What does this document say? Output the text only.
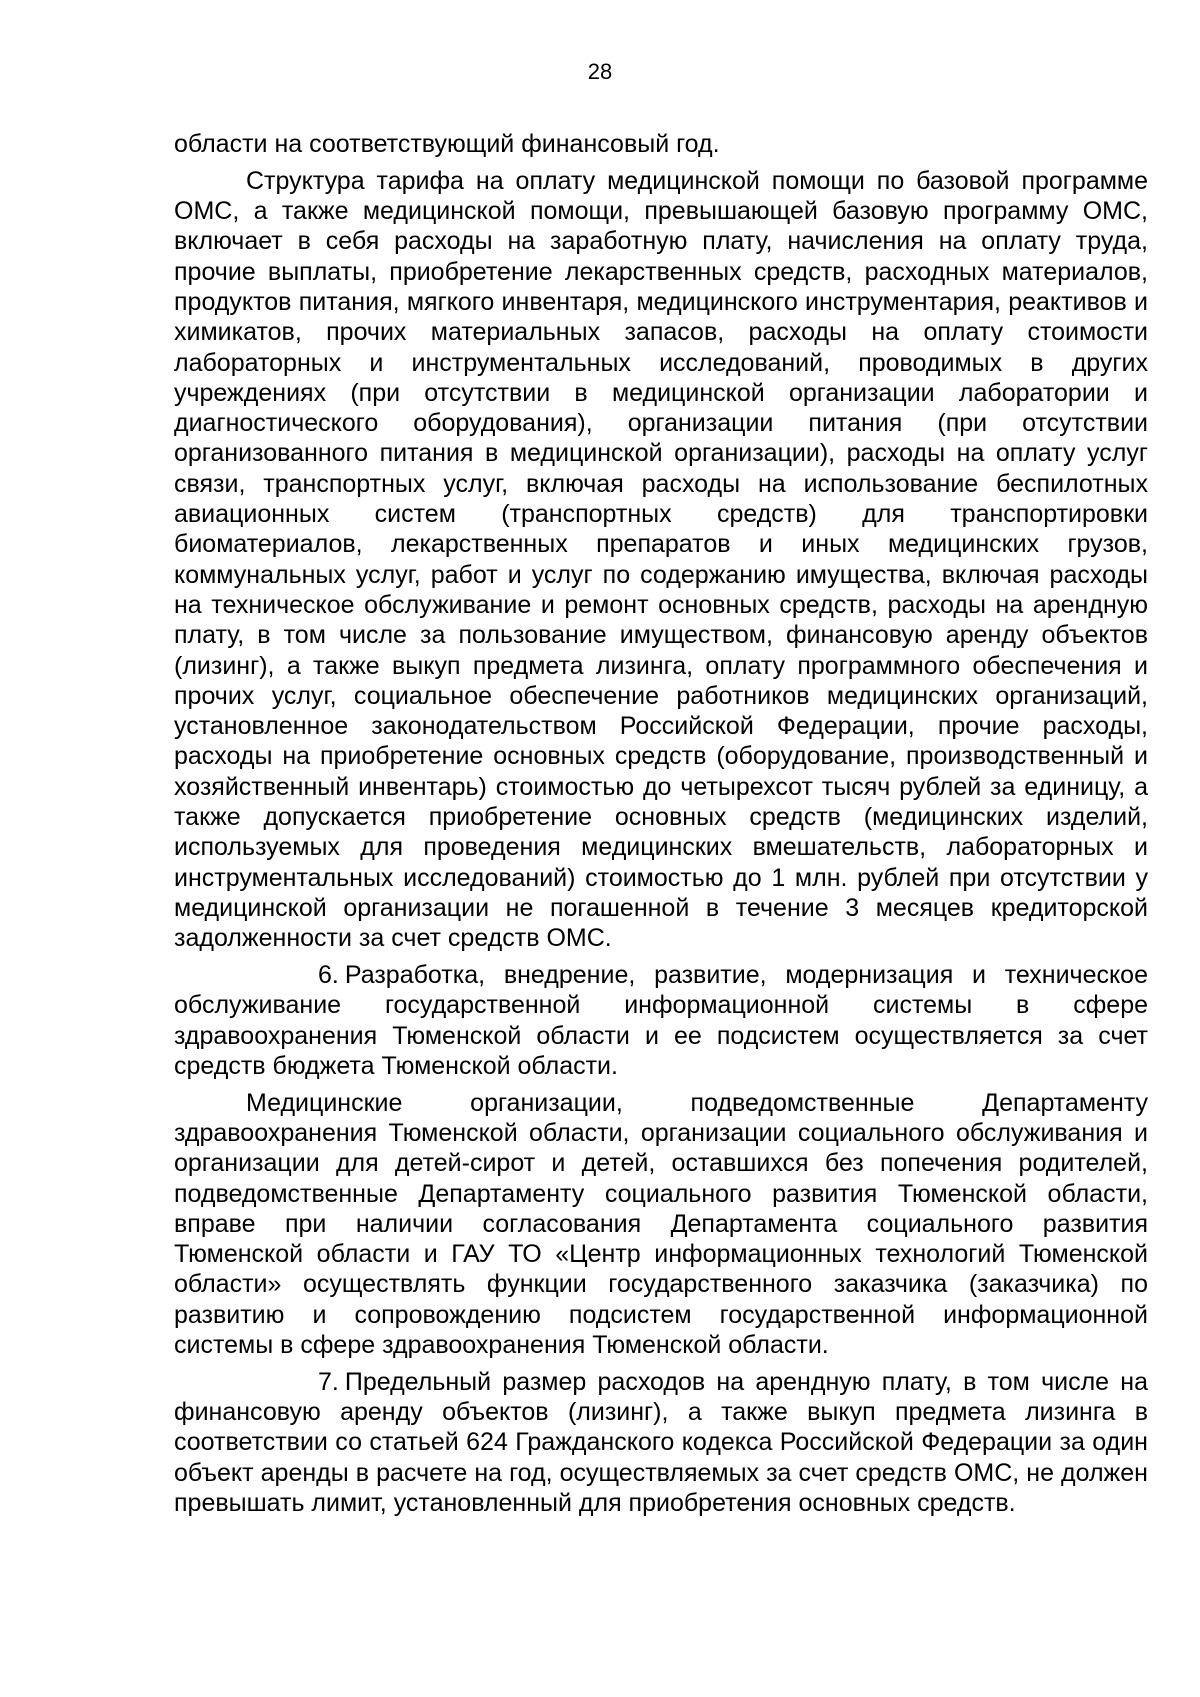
28

области на соответствующий финансовый год.

Структура тарифа на оплату медицинской помощи по базовой программе ОМС, а также медицинской помощи, превышающей базовую программу ОМС, включает в себя расходы на заработную плату, начисления на оплату труда, прочие выплаты, приобретение лекарственных средств, расходных материалов, продуктов питания, мягкого инвентаря, медицинского инструментария, реактивов и химикатов, прочих материальных запасов, расходы на оплату стоимости лабораторных и инструментальных исследований, проводимых в других учреждениях (при отсутствии в медицинской организации лаборатории и диагностического оборудования), организации питания (при отсутствии организованного питания в медицинской организации), расходы на оплату услуг связи, транспортных услуг, включая расходы на использование беспилотных авиационных систем (транспортных средств) для транспортировки биоматериалов, лекарственных препаратов и иных медицинских грузов, коммунальных услуг, работ и услуг по содержанию имущества, включая расходы на техническое обслуживание и ремонт основных средств, расходы на арендную плату, в том числе за пользование имуществом, финансовую аренду объектов (лизинг), а также выкуп предмета лизинга, оплату программного обеспечения и прочих услуг, социальное обеспечение работников медицинских организаций, установленное законодательством Российской Федерации, прочие расходы, расходы на приобретение основных средств (оборудование, производственный и хозяйственный инвентарь) стоимостью до четырехсот тысяч рублей за единицу, а также допускается приобретение основных средств (медицинских изделий, используемых для проведения медицинских вмешательств, лабораторных и инструментальных исследований) стоимостью до 1 млн. рублей при отсутствии у медицинской организации не погашенной в течение 3 месяцев кредиторской задолженности за счет средств ОМС.

6. Разработка, внедрение, развитие, модернизация и техническое обслуживание государственной информационной системы в сфере здравоохранения Тюменской области и ее подсистем осуществляется за счет средств бюджета Тюменской области.

Медицинские организации, подведомственные Департаменту здравоохранения Тюменской области, организации социального обслуживания и организации для детей-сирот и детей, оставшихся без попечения родителей, подведомственные Департаменту социального развития Тюменской области, вправе при наличии согласования Департамента социального развития Тюменской области и ГАУ ТО «Центр информационных технологий Тюменской области» осуществлять функции государственного заказчика (заказчика) по развитию и сопровождению подсистем государственной информационной системы в сфере здравоохранения Тюменской области.

7. Предельный размер расходов на арендную плату, в том числе на финансовую аренду объектов (лизинг), а также выкуп предмета лизинга в соответствии со статьей 624 Гражданского кодекса Российской Федерации за один объект аренды в расчете на год, осуществляемых за счет средств ОМС, не должен превышать лимит, установленный для приобретения основных средств.
